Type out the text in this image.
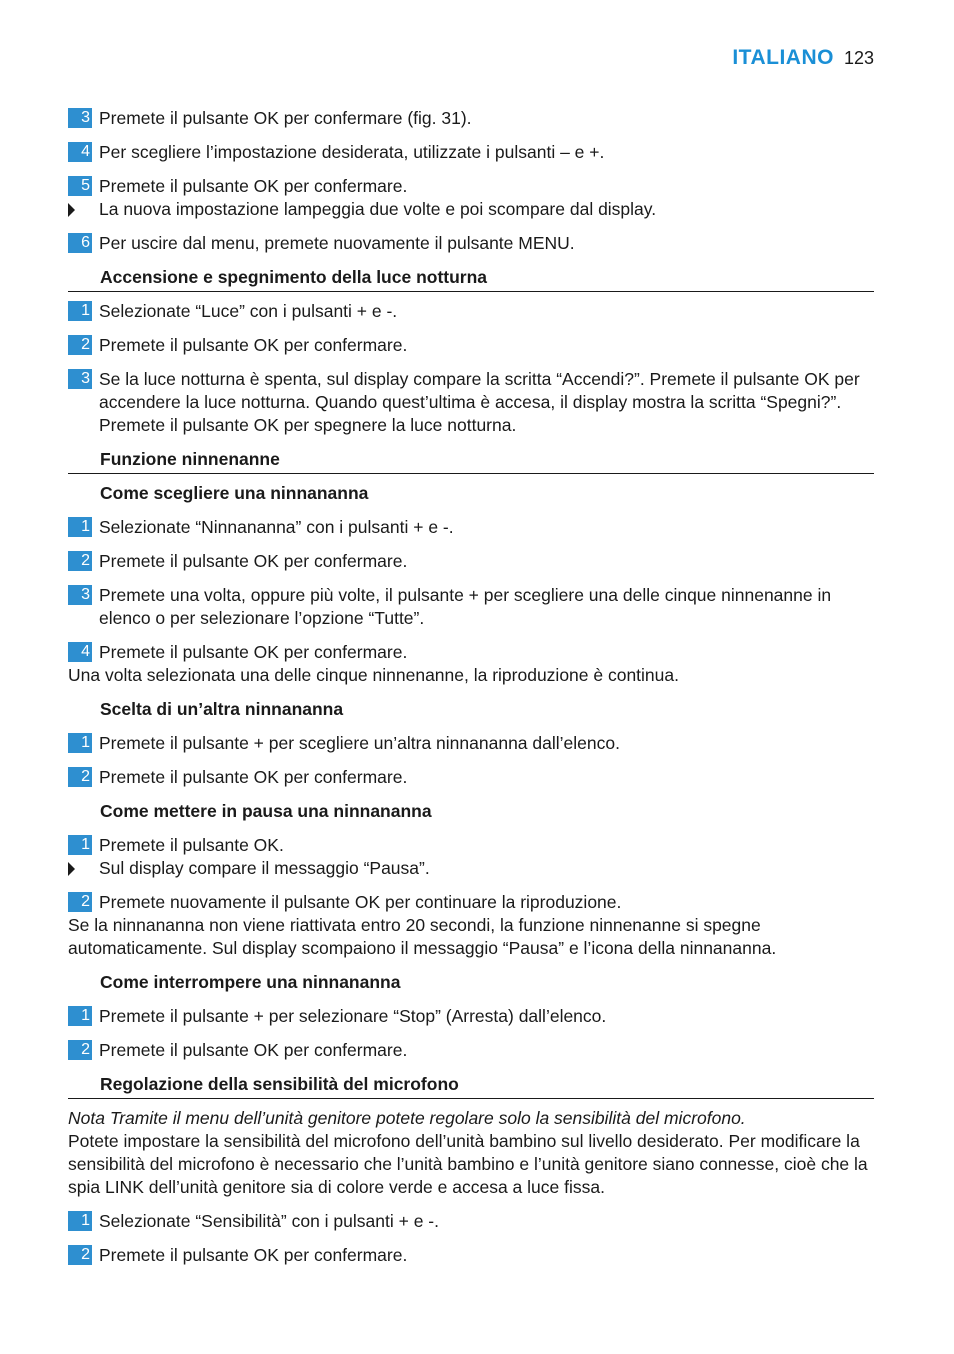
ITALIANO 123
3 Premete il pulsante OK per confermare (fig. 31).
4 Per scegliere l’impostazione desiderata, utilizzate i pulsanti – e +.
5 Premete il pulsante OK per confermare.
La nuova impostazione lampeggia due volte e poi scompare dal display.
6 Per uscire dal menu, premete nuovamente il pulsante MENU.
Accensione e spegnimento della luce notturna
1 Selezionate “Luce” con i pulsanti + e -.
2 Premete il pulsante OK per confermare.
3 Se la luce notturna è spenta, sul display compare la scritta “Accendi?”. Premete il pulsante OK per accendere la luce notturna. Quando quest’ultima è accesa, il display mostra la scritta “Spegni?”. Premete il pulsante OK per spegnere la luce notturna.
Funzione ninnenanne
Come scegliere una ninnananna
1 Selezionate “Ninnananna” con i pulsanti + e -.
2 Premete il pulsante OK per confermare.
3 Premete una volta, oppure più volte, il pulsante + per scegliere una delle cinque ninnenanne in elenco o per selezionare l’opzione “Tutte”.
4 Premete il pulsante OK per confermare.
Una volta selezionata una delle cinque ninnenanne, la riproduzione è continua.
Scelta di un’altra ninnananna
1 Premete il pulsante + per scegliere un’altra ninnananna dall’elenco.
2 Premete il pulsante OK per confermare.
Come mettere in pausa una ninnananna
1 Premete il pulsante OK.
Sul display compare il messaggio “Pausa”.
2 Premete nuovamente il pulsante OK per continuare la riproduzione.
Se la ninnananna non viene riattivata entro 20 secondi, la funzione ninnenanne si spegne automaticamente. Sul display scompaiono il messaggio “Pausa” e l’icona della ninnananna.
Come interrompere una ninnananna
1 Premete il pulsante + per selezionare “Stop” (Arresta) dall’elenco.
2 Premete il pulsante OK per confermare.
Regolazione della sensibilità del microfono
Nota Tramite il menu dell’unità genitore potete regolare solo la sensibilità del microfono.
Potete impostare la sensibilità del microfono dell’unità bambino sul livello desiderato. Per modificare la sensibilità del microfono è necessario che l’unità bambino e l’unità genitore siano connesse, cioè che la spia LINK dell’unità genitore sia di colore verde e accesa a luce fissa.
1 Selezionate “Sensibilità” con i pulsanti + e -.
2 Premete il pulsante OK per confermare.
